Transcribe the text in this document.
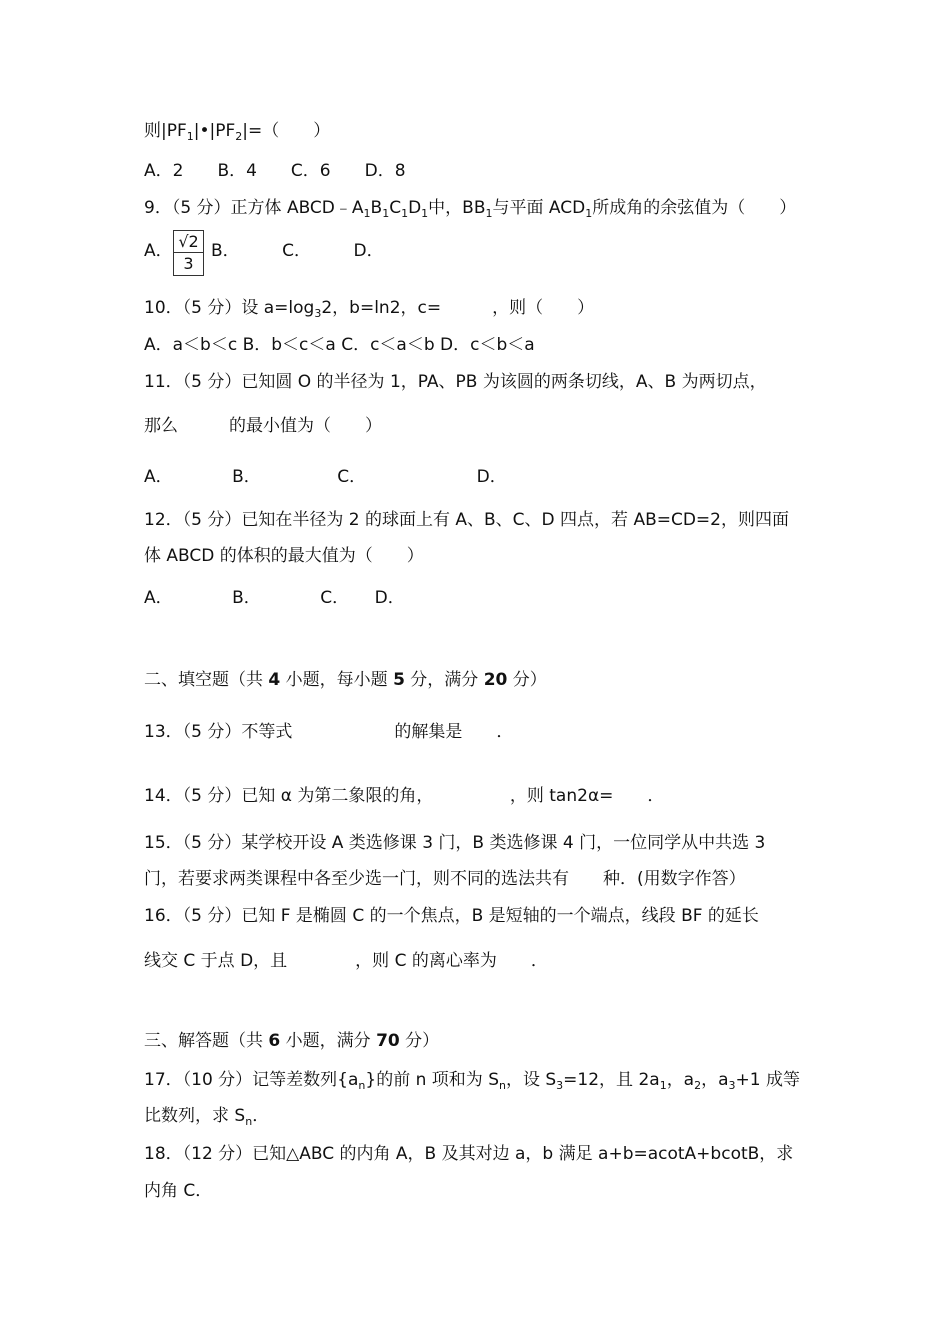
则$|PF_1|•|PF_2|=$（　　）
A．2　　B．4　　C．6　　D．8
9．（5 分）正方体 $ABCD﹣A_1B_1C_1D_1$中，$BB_1$与平面 $ACD_1$所成角的余弦值为（　　）
A． $\frac{√2}{3}$ B．　　　C．　　　D．
10．（5 分）设 $a=\log_32$，b=ln2，c=　　　，则（　　）
A．a＜b＜c B．b＜c＜a C．c＜a＜b D．c＜b＜a
11．（5 分）已知圆 O 的半径为 1，PA、PB 为该圆的两条切线，A、B 为两切点，
那么　　　的最小值为（　　）
A．　　　　B．　　　　　C．　　　　　　　D．
12．（5 分）已知在半径为 2 的球面上有 A、B、C、D 四点，若 AB=CD=2，则四面
体 ABCD 的体积的最大值为（　　）
A．　　　　B．　　　　C．　　D．
二、填空题（共 4 小题，每小题 5 分，满分 20 分）
13．（5 分）不等式　　　　　　的解集是　　．
14．（5 分）已知 α 为第二象限的角，　　　　　，则 tan2α=　　．
15．（5 分）某学校开设 A 类选修课 3 门，B 类选修课 4 门，一位同学从中共选 3
门，若要求两类课程中各至少选一门，则不同的选法共有　　种．(用数字作答）
16．（5 分）已知 F 是椭圆 C 的一个焦点，B 是短轴的一个端点，线段 BF 的延长
线交 C 于点 D，且　　　　，则 C 的离心率为　　．
三、解答题（共 6 小题，满分 70 分）
17．（10 分）记等差数列$\{a_n\}$的前 n 项和为 $S_n$，设 $S_3=12$，且 $2a_1$，$a_2$，$a_3+1$ 成等
比数列，求 $S_n$．
18．（12 分）已知△ABC 的内角 A，B 及其对边 a，b 满足 a+b=acotA+bcotB，求
内角 C．
